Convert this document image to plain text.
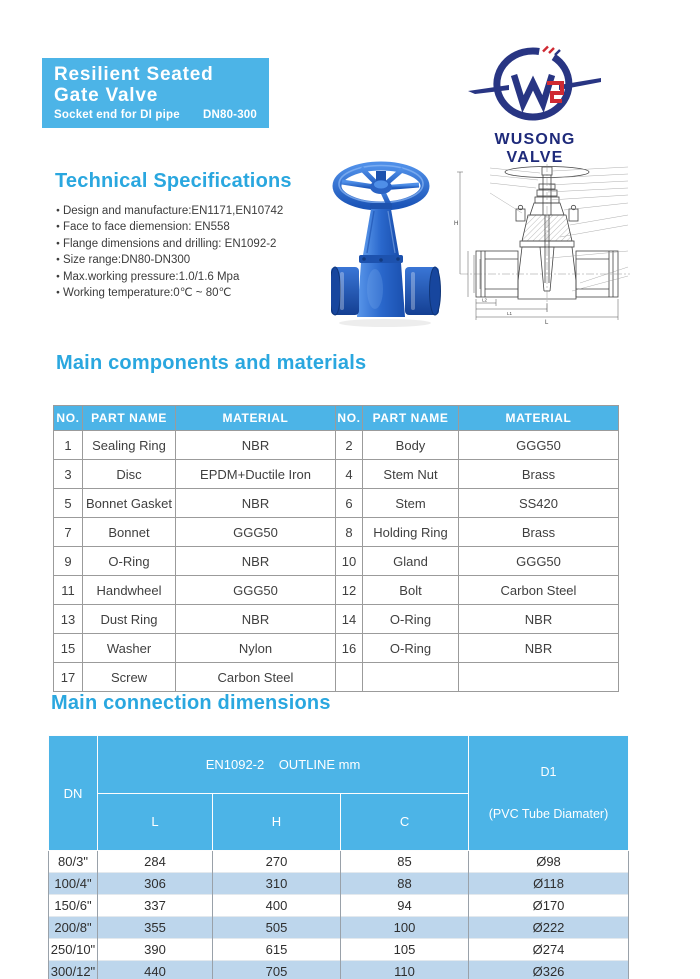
Resilient Seated
Gate Valve
Socket end for DI pipe DN80-300
WUSONG VALVE
Technical Specifications
● Design and manufacture:EN1171,EN10742
● Face to face diemension: EN558
● Flange dimensions and drilling: EN1092-2
● Size range:DN80-DN300
● Max.working pressure:1.0/1.6 Mpa
● Working temperature:0℃ ~ 80℃
H
L
L1
L2
Main components and materials
NO.	PART NAME	MATERIAL	NO.	PART NAME	MATERIAL
1	Sealing Ring	NBR	2	Body	GGG50
3	Disc	EPDM+Ductile Iron	4	Stem Nut	Brass
5	Bonnet Gasket	NBR	6	Stem	SS420
7	Bonnet	GGG50	8	Holding Ring	Brass
9	O-Ring	NBR	10	Gland	GGG50
11	Handwheel	GGG50	12	Bolt	Carbon Steel
13	Dust Ring	NBR	14	O-Ring	NBR
15	Washer	Nylon	16	O-Ring	NBR
17	Screw	Carbon Steel			
Main connection dimensions
DN	EN1092-2    OUTLINE mm			D1

(PVC Tube Diamater)

	L	H	C	
80/3"	284	270	85	Ø98
100/4"	306	310	88	Ø118
150/6"	337	400	94	Ø170
200/8"	355	505	100	Ø222
250/10"	390	615	105	Ø274
300/12"	440	705	110	Ø326
